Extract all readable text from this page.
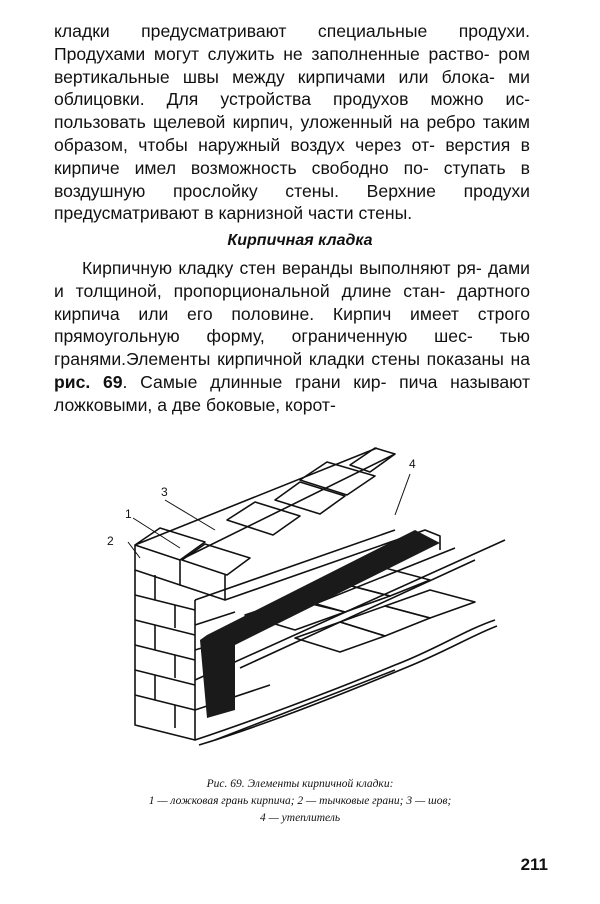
кладки предусматривают специальные продухи. Продухами могут служить не заполненные раство- ром вертикальные швы между кирпичами или блока- ми облицовки. Для устройства продухов можно ис- пользовать щелевой кирпич, уложенный на ребро таким образом, чтобы наружный воздух через от- верстия в кирпиче имел возможность свободно по- ступать в воздушную прослойку стены. Верхние продухи предусматривают в карнизной части стены.

Кирпичная кладка

Кирпичную кладку стен веранды выполняют ря- дами и толщиной, пропорциональной длине стан- дартного кирпича или его половине. Кирпич имеет строго прямоугольную форму, ограниченную шес- тью гранями.Элементы кирпичной кладки стены показаны на рис. 69. Самые длинные грани кир- пича называют ложковыми, а две боковые, корот-

1
2
3
4

Рис. 69. Элементы кирпичной кладки:

1 — ложковая грань кирпича; 2 — тычковые грани; 3 — шов;

4 — утеплитель

211
